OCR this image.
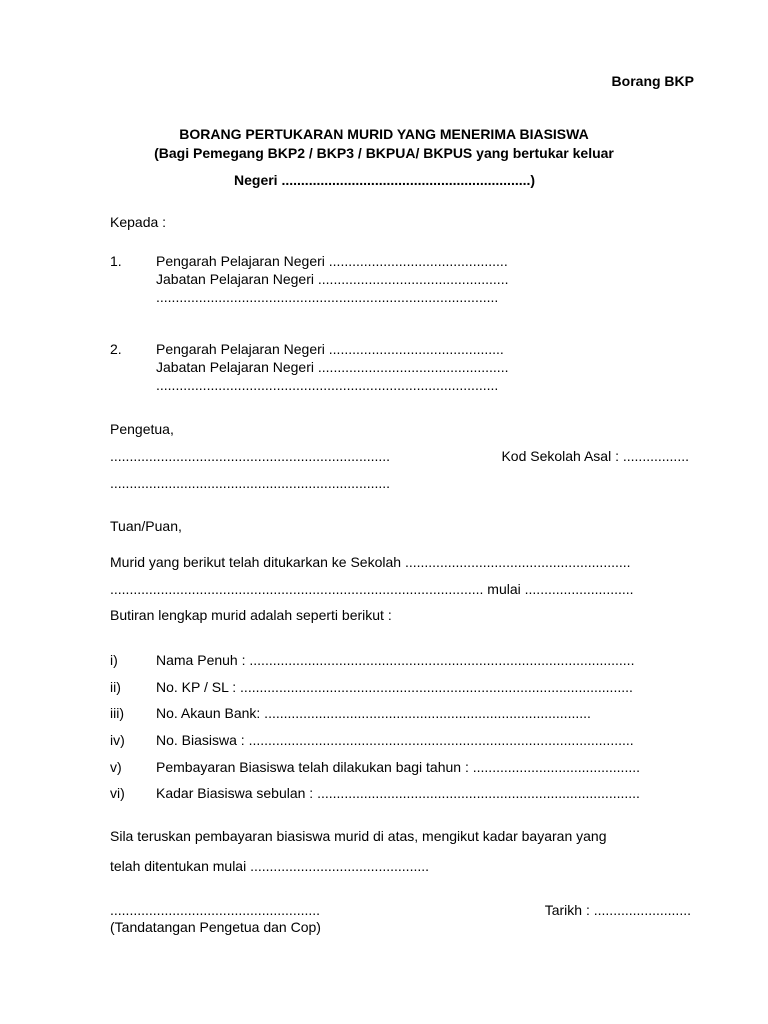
Borang BKP
BORANG PERTUKARAN MURID YANG MENERIMA BIASISWA
(Bagi Pemegang BKP2 / BKP3 / BKPUA/ BKPUS yang bertukar keluar
Negeri ................................................................)
Kepada :
1. Pengarah Pelajaran Negeri ..............................................
Jabatan Pelajaran Negeri .................................................
........................................................................................
2. Pengarah Pelajaran Negeri .............................................
Jabatan Pelajaran Negeri .................................................
........................................................................................
Pengetua,
........................................................................	Kod Sekolah Asal : .................
........................................................................
Tuan/Puan,
Murid yang berikut telah ditukarkan ke Sekolah ..........................................................
................................................................................................ mulai ............................
Butiran lengkap murid adalah seperti berikut :
i)	Nama Penuh : ...................................................................................................
ii)	No. KP / SL : .....................................................................................................
iii) No. Akaun Bank: ....................................................................................
iv) No. Biasiswa : ...................................................................................................
v) Pembayaran Biasiswa telah dilakukan bagi tahun : ...........................................
vi) Kadar Biasiswa sebulan : ...................................................................................
Sila teruskan pembayaran biasiswa murid di atas, mengikut kadar bayaran yang
telah ditentukan mulai ..............................................
......................................................	Tarikh : .........................
(Tandatangan Pengetua dan Cop)
